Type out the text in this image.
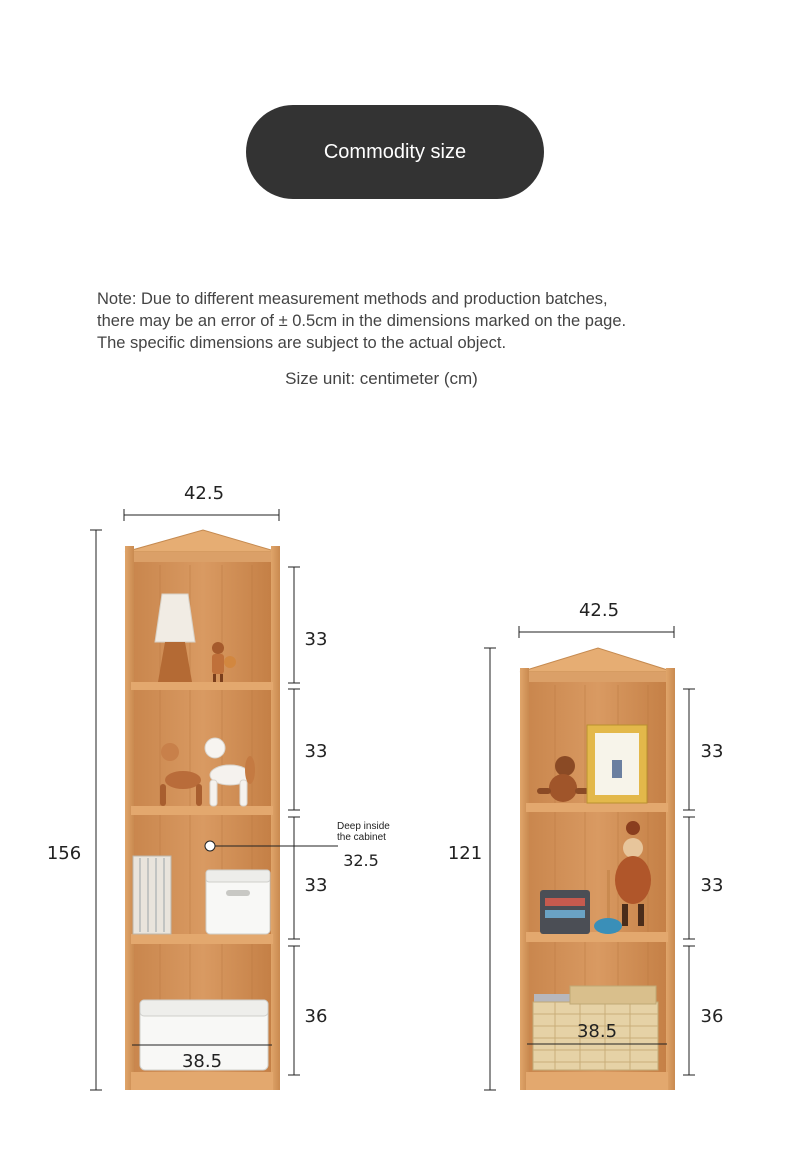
Commodity size
Note: Due to different measurement methods and production batches,
there may be an error of ± 0.5cm in the dimensions marked on the page.
The specific dimensions are subject to the actual object.
Size unit: centimeter (cm)
42.5
156
33
33
33
36
Deep inside
the cabinet
32.5
38.5
42.5
121
33
33
36
38.5
